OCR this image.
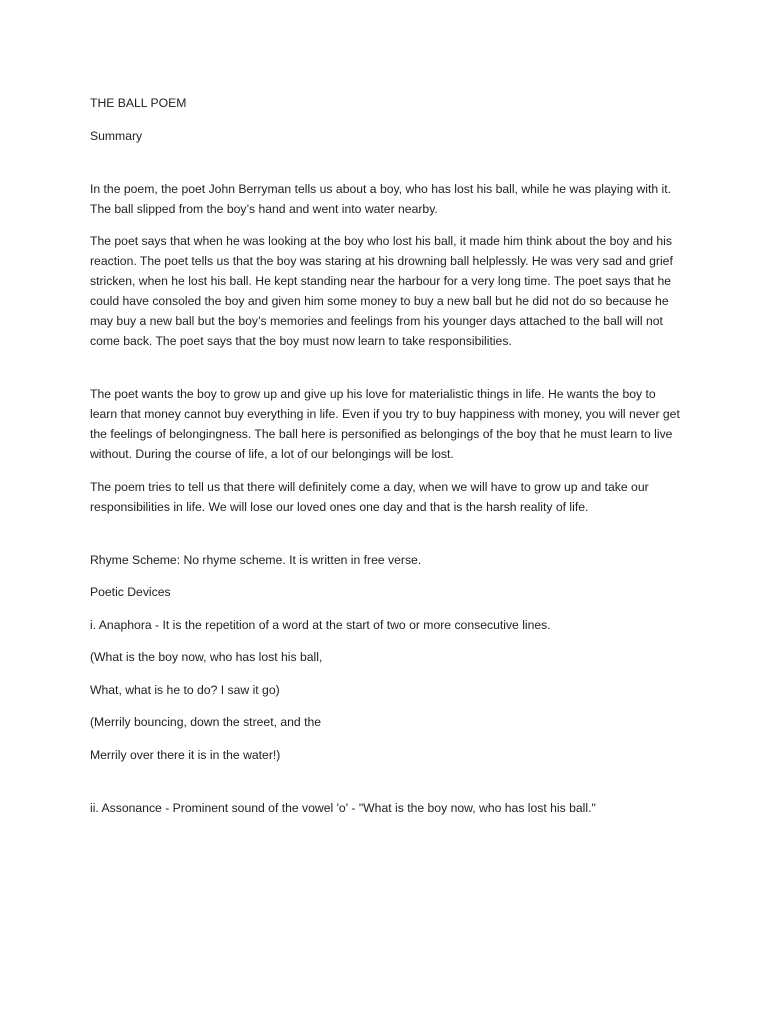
THE BALL POEM

Summary

In the poem, the poet John Berryman tells us about a boy, who has lost his ball, while he was playing with it. The ball slipped from the boy’s hand and went into water nearby.

The poet says that when he was looking at the boy who lost his ball, it made him think about the boy and his reaction. The poet tells us that the boy was staring at his drowning ball helplessly. He was very sad and grief stricken, when he lost his ball. He kept standing near the harbour for a very long time. The poet says that he could have consoled the boy and given him some money to buy a new ball but he did not do so because he may buy a new ball but the boy’s memories and feelings from his younger days attached to the ball will not come back. The poet says that the boy must now learn to take responsibilities.

The poet wants the boy to grow up and give up his love for materialistic things in life. He wants the boy to learn that money cannot buy everything in life. Even if you try to buy happiness with money, you will never get the feelings of belongingness. The ball here is personified as belongings of the boy that he must learn to live without. During the course of life, a lot of our belongings will be lost.

The poem tries to tell us that there will definitely come a day, when we will have to grow up and take our responsibilities in life. We will lose our loved ones one day and that is the harsh reality of life.

Rhyme Scheme: No rhyme scheme. It is written in free verse.

Poetic Devices

i. Anaphora - It is the repetition of a word at the start of two or more consecutive lines.

(What is the boy now, who has lost his ball,

What, what is he to do? I saw it go)

(Merrily bouncing, down the street, and the

Merrily over there it is in the water!)

ii. Assonance - Prominent sound of the vowel 'o' - "What is the boy now, who has lost his ball."
